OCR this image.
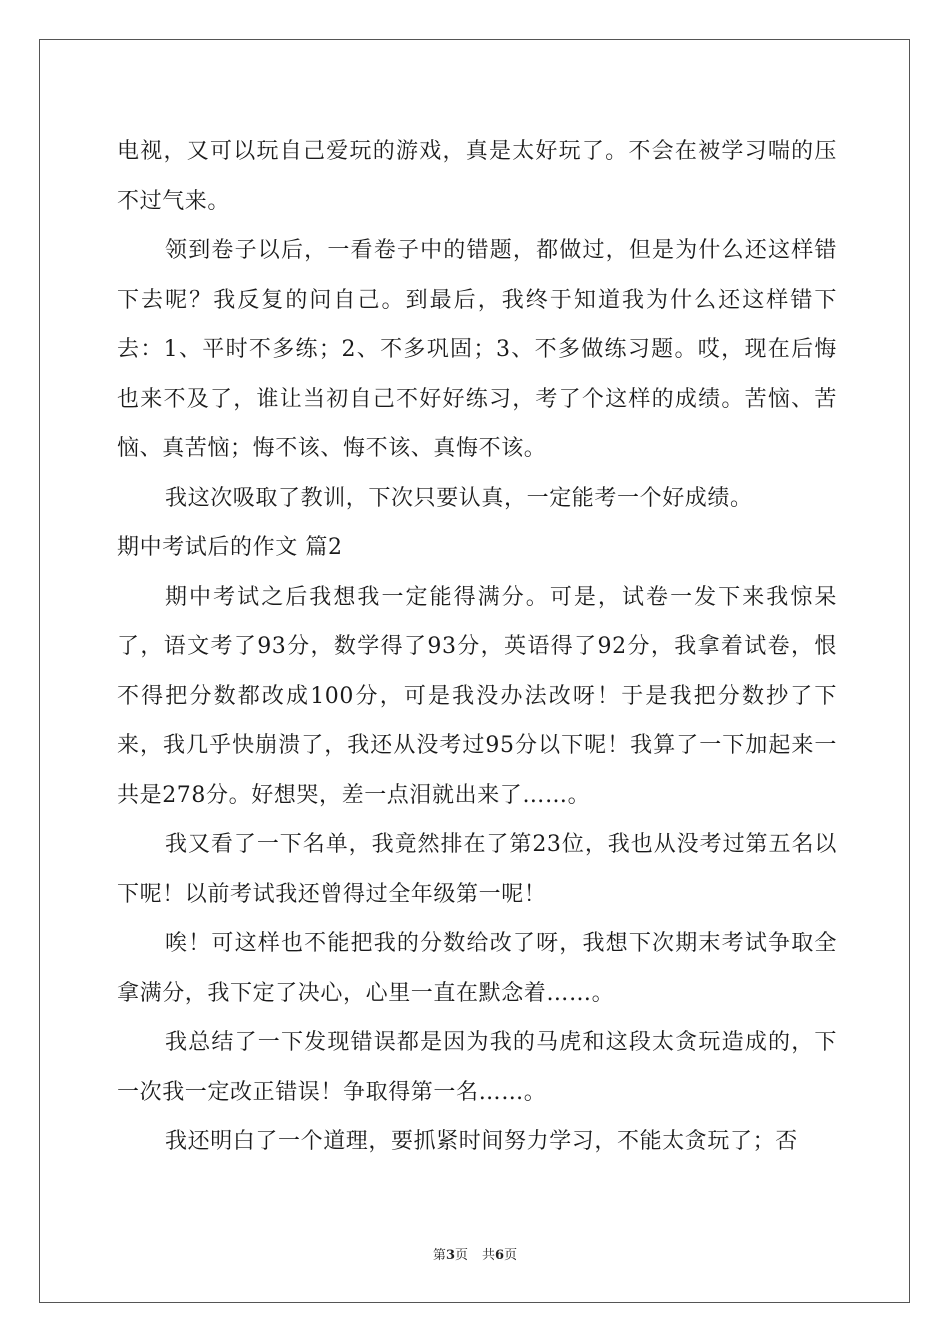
电视，又可以玩自己爱玩的游戏，真是太好玩了。不会在被学习喘的压不过气来。

领到卷子以后，一看卷子中的错题，都做过，但是为什么还这样错下去呢？我反复的问自己。到最后，我终于知道我为什么还这样错下去：1、平时不多练；2、不多巩固；3、不多做练习题。哎，现在后悔也来不及了，谁让当初自己不好好练习，考了个这样的成绩。苦恼、苦恼、真苦恼；悔不该、悔不该、真悔不该。

我这次吸取了教训，下次只要认真，一定能考一个好成绩。

期中考试后的作文 篇2

期中考试之后我想我一定能得满分。可是，试卷一发下来我惊呆了，语文考了93分，数学得了93分，英语得了92分，我拿着试卷，恨不得把分数都改成100分，可是我没办法改呀！于是我把分数抄了下来，我几乎快崩溃了，我还从没考过95分以下呢！我算了一下加起来一共是278分。好想哭，差一点泪就出来了……。

我又看了一下名单，我竟然排在了第23位，我也从没考过第五名以下呢！以前考试我还曾得过全年级第一呢！

唉！可这样也不能把我的分数给改了呀，我想下次期末考试争取全拿满分，我下定了决心，心里一直在默念着……。

我总结了一下发现错误都是因为我的马虎和这段太贪玩造成的，下一次我一定改正错误！争取得第一名……。

我还明白了一个道理，要抓紧时间努力学习，不能太贪玩了；否

第3页 共6页
